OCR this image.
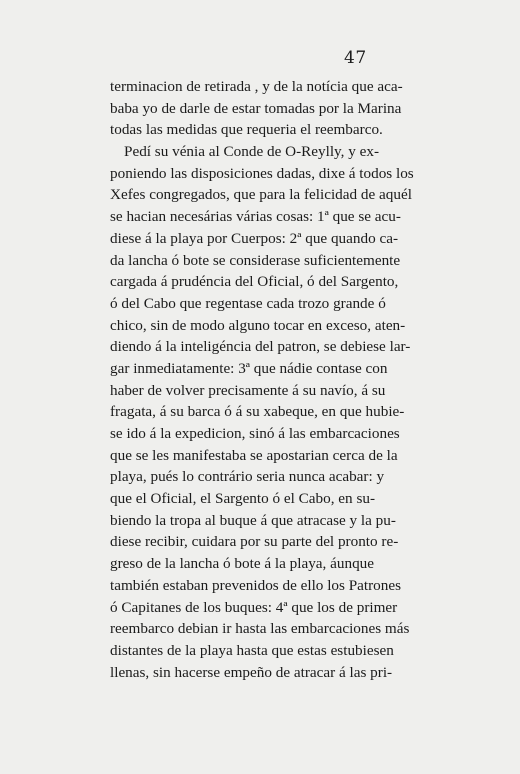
47
terminacion de retirada , y de la notícia que aca-
baba yo de darle de estar tomadas por la Marina
todas las medidas que requeria el reembarco.
Pedí su vénia al Conde de O-Reylly, y ex-
poniendo las disposiciones dadas, dixe á todos los
Xefes congregados, que para la felicidad de aquél
se hacian necesárias várias cosas: 1ª que se acu-
diese á la playa por Cuerpos: 2ª que quando ca-
da lancha ó bote se considerase suficientemente
cargada á prudéncia del Oficial, ó del Sargento,
ó del Cabo que regentase cada trozo grande ó
chico, sin de modo alguno tocar en exceso, aten-
diendo á la inteligéncia del patron, se debiese lar-
gar inmediatamente: 3ª que nádie contase con
haber de volver precisamente á su navío, á su
fragata, á su barca ó á su xabeque, en que hubie-
se ido á la expedicion, sinó á las embarcaciones
que se les manifestaba se apostarian cerca de la
playa, pués lo contrário seria nunca acabar: y
que el Oficial, el Sargento ó el Cabo, en su-
biendo la tropa al buque á que atracase y la pu-
diese recibir, cuidara por su parte del pronto re-
greso de la lancha ó bote á la playa, áunque
también estaban prevenidos de ello los Patrones
ó Capitanes de los buques: 4ª que los de primer
reembarco debian ir hasta las embarcaciones más
distantes de la playa hasta que estas estubiesen
llenas, sin hacerse empeño de atracar á las pri-
